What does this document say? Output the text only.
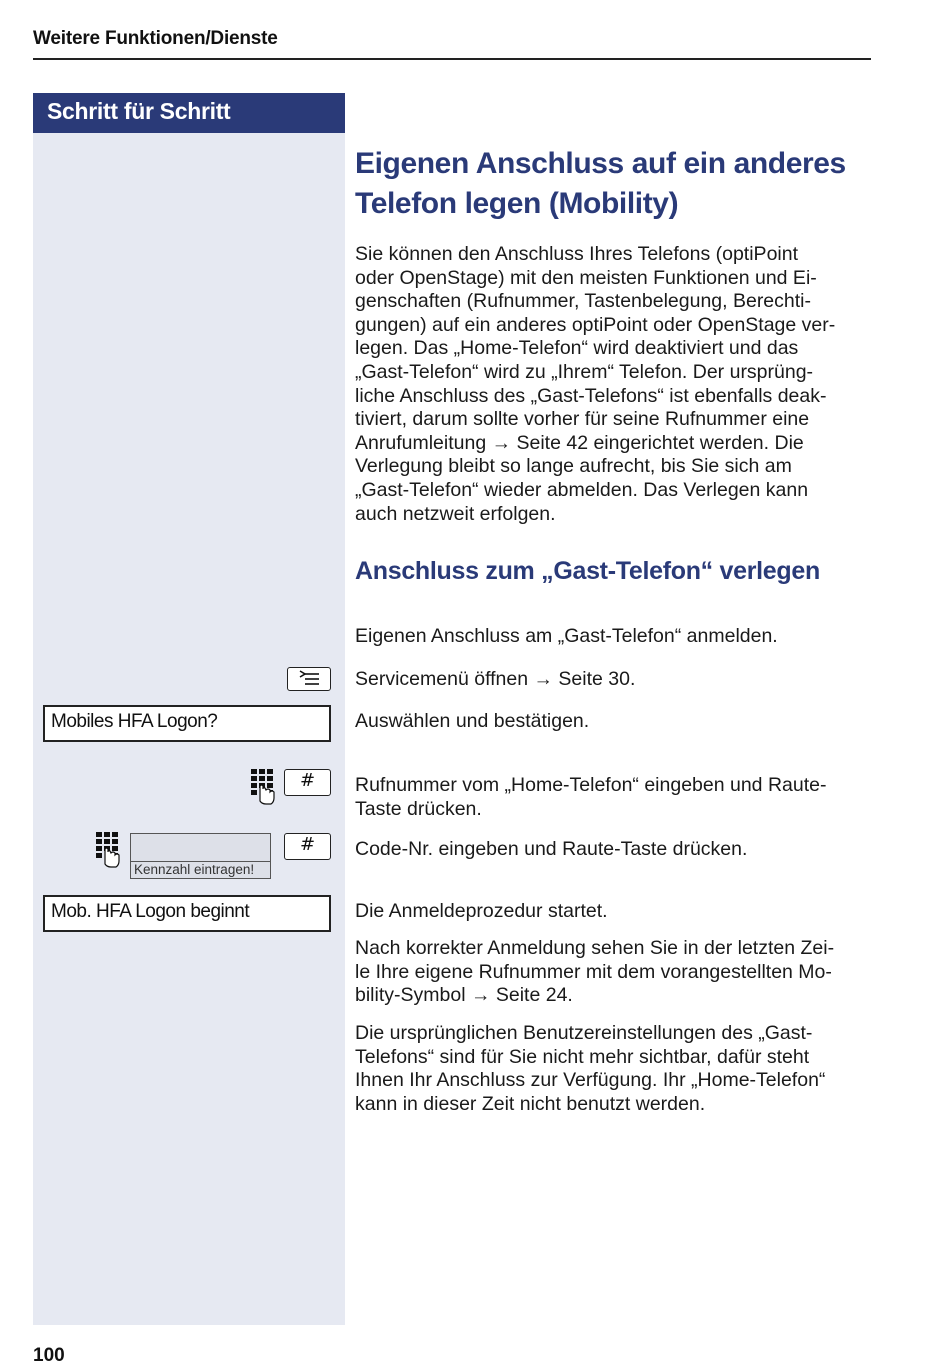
Weitere Funktionen/Dienste
Schritt für Schritt
Mobiles HFA Logon?
#
Kennzahl eintragen!
#
Mob. HFA Logon beginnt
Eigenen Anschluss auf ein anderes
Telefon legen (Mobility)
Sie können den Anschluss Ihres Telefons (optiPoint
oder OpenStage) mit den meisten Funktionen und Ei-
genschaften (Rufnummer, Tastenbelegung, Berechti-
gungen) auf ein anderes optiPoint oder OpenStage ver-
legen. Das „Home-Telefon“ wird deaktiviert und das
„Gast-Telefon“ wird zu „Ihrem“ Telefon. Der ursprüng-
liche Anschluss des „Gast-Telefons“ ist ebenfalls deak-
tiviert, darum sollte vorher für seine Rufnummer eine
Anrufumleitung → Seite 42 eingerichtet werden. Die
Verlegung bleibt so lange aufrecht, bis Sie sich am
„Gast-Telefon“ wieder abmelden. Das Verlegen kann
auch netzweit erfolgen.
Anschluss zum „Gast-Telefon“ verlegen
Eigenen Anschluss am „Gast-Telefon“ anmelden.
Servicemenü öffnen → Seite 30.
Auswählen und bestätigen.
Rufnummer vom „Home-Telefon“ eingeben und Raute-
Taste drücken.
Code-Nr. eingeben und Raute-Taste drücken.
Die Anmeldeprozedur startet.
Nach korrekter Anmeldung sehen Sie in der letzten Zei-
le Ihre eigene Rufnummer mit dem vorangestellten Mo-
bility-Symbol → Seite 24.
Die ursprünglichen Benutzereinstellungen des „Gast-
Telefons“ sind für Sie nicht mehr sichtbar, dafür steht
Ihnen Ihr Anschluss zur Verfügung. Ihr „Home-Telefon“
kann in dieser Zeit nicht benutzt werden.
100
